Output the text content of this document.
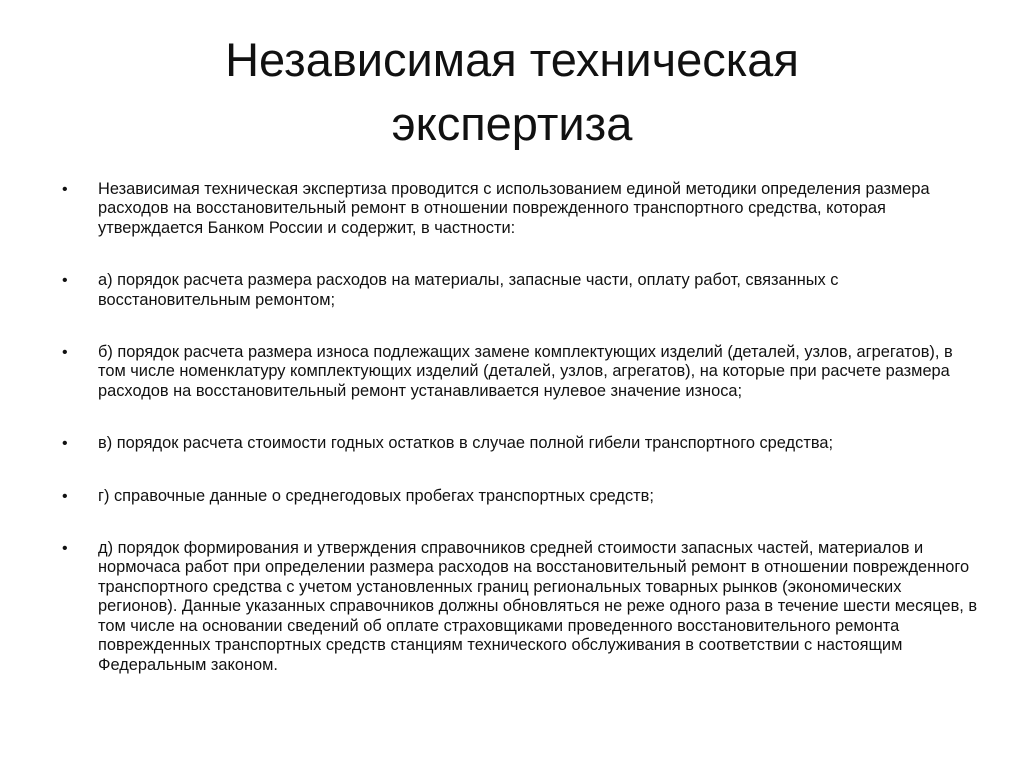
Независимая техническая экспертиза
•	Независимая техническая экспертиза проводится с использованием единой методики определения размера расходов на восстановительный ремонт в отношении поврежденного транспортного средства, которая утверждается Банком России и содержит, в частности:
•	а) порядок расчета размера расходов на материалы, запасные части, оплату работ, связанных с восстановительным ремонтом;
•	б) порядок расчета размера износа подлежащих замене комплектующих изделий (деталей, узлов, агрегатов), в том числе номенклатуру комплектующих изделий (деталей, узлов, агрегатов), на которые при расчете размера расходов на восстановительный ремонт устанавливается нулевое значение износа;
•	в) порядок расчета стоимости годных остатков в случае полной гибели транспортного средства;
•	г) справочные данные о среднегодовых пробегах транспортных средств;
•	д) порядок формирования и утверждения справочников средней стоимости запасных частей, материалов и нормочаса работ при определении размера расходов на восстановительный ремонт в отношении поврежденного транспортного средства с учетом установленных границ региональных товарных рынков (экономических регионов). Данные указанных справочников должны обновляться не реже одного раза в течение шести месяцев, в том числе на основании сведений об оплате страховщиками проведенного восстановительного ремонта поврежденных транспортных средств станциям технического обслуживания в соответствии с настоящим Федеральным законом.
